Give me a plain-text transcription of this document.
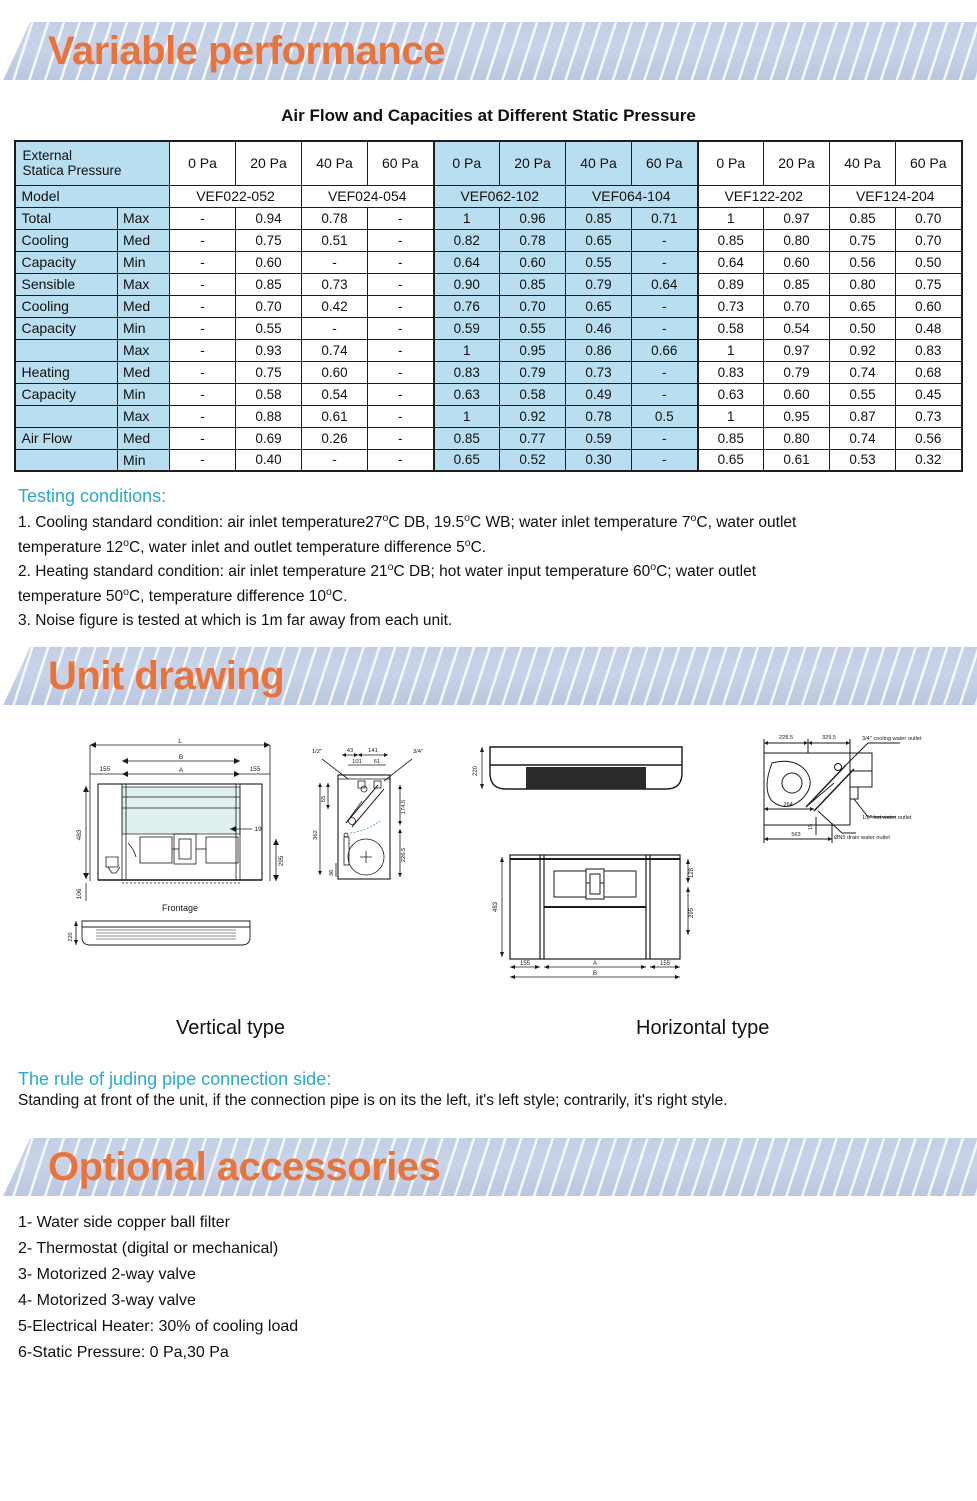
Variable performance
Air Flow and Capacities at Different Static Pressure
External
Statica Pressure		0 Pa	20 Pa	40 Pa	60 Pa	0 Pa	20 Pa	40 Pa	60 Pa	0 Pa	20 Pa	40 Pa	60 Pa
Model		VEF022-052		VEF024-054		VEF062-102		VEF064-104		VEF122-202		VEF124-204	
Total	Max	-	0.94	0.78	-	1	0.96	0.85	0.71	1	0.97	0.85	0.70
Cooling	Med	-	0.75	0.51	-	0.82	0.78	0.65	-	0.85	0.80	0.75	0.70
Capacity	Min	-	0.60	-	-	0.64	0.60	0.55	-	0.64	0.60	0.56	0.50
Sensible	Max	-	0.85	0.73	-	0.90	0.85	0.79	0.64	0.89	0.85	0.80	0.75
Cooling	Med	-	0.70	0.42	-	0.76	0.70	0.65	-	0.73	0.70	0.65	0.60
Capacity	Min	-	0.55	-	-	0.59	0.55	0.46	-	0.58	0.54	0.50	0.48
	Max	-	0.93	0.74	-	1	0.95	0.86	0.66	1	0.97	0.92	0.83
Heating	Med	-	0.75	0.60	-	0.83	0.79	0.73	-	0.83	0.79	0.74	0.68
Capacity	Min	-	0.58	0.54	-	0.63	0.58	0.49	-	0.63	0.60	0.55	0.45
	Max	-	0.88	0.61	-	1	0.92	0.78	0.5	1	0.95	0.87	0.73
Air Flow	Med	-	0.69	0.26	-	0.85	0.77	0.59	-	0.85	0.80	0.74	0.56
	Min	-	0.40	-	-	0.65	0.52	0.30	-	0.65	0.61	0.53	0.32
Testing conditions:

1. Cooling standard condition: air inlet temperature27$^o$C DB, 19.5$^o$C WB; water inlet temperature 7$^o$C, water outlet

temperature 12$^o$C, water inlet and outlet temperature difference 5$^o$C.

2. Heating standard condition: air inlet temperature 21$^o$C DB; hot water input temperature 60$^o$C; water outlet

temperature 50$^o$C, temperature difference 10$^o$C.

3. Noise figure is tested at which is 1m far away from each unit.

Unit drawing
L
B
A
155	155
19
483
295
106
Frontage
220
43	141
101 61
1/2"	3/4"
55
362
36
174.5
226.5
220
483
128
295
155	A	155
B
228.5	329.5
264
563
15
3/4" cooling water outlet
1/2" hot water outlet
ØN5 drain water outlet
Vertical type	Horizontal type
The rule of juding pipe connection side:
Standing at front of the unit, if the connection pipe is on its the left, it's left style; contrarily, it's right style.
Optional accessories
1- Water side copper ball filter
2- Thermostat (digital or mechanical)
3- Motorized 2-way valve
4- Motorized 3-way valve
5-Electrical Heater: 30% of cooling load
6-Static Pressure: 0 Pa,30 Pa
